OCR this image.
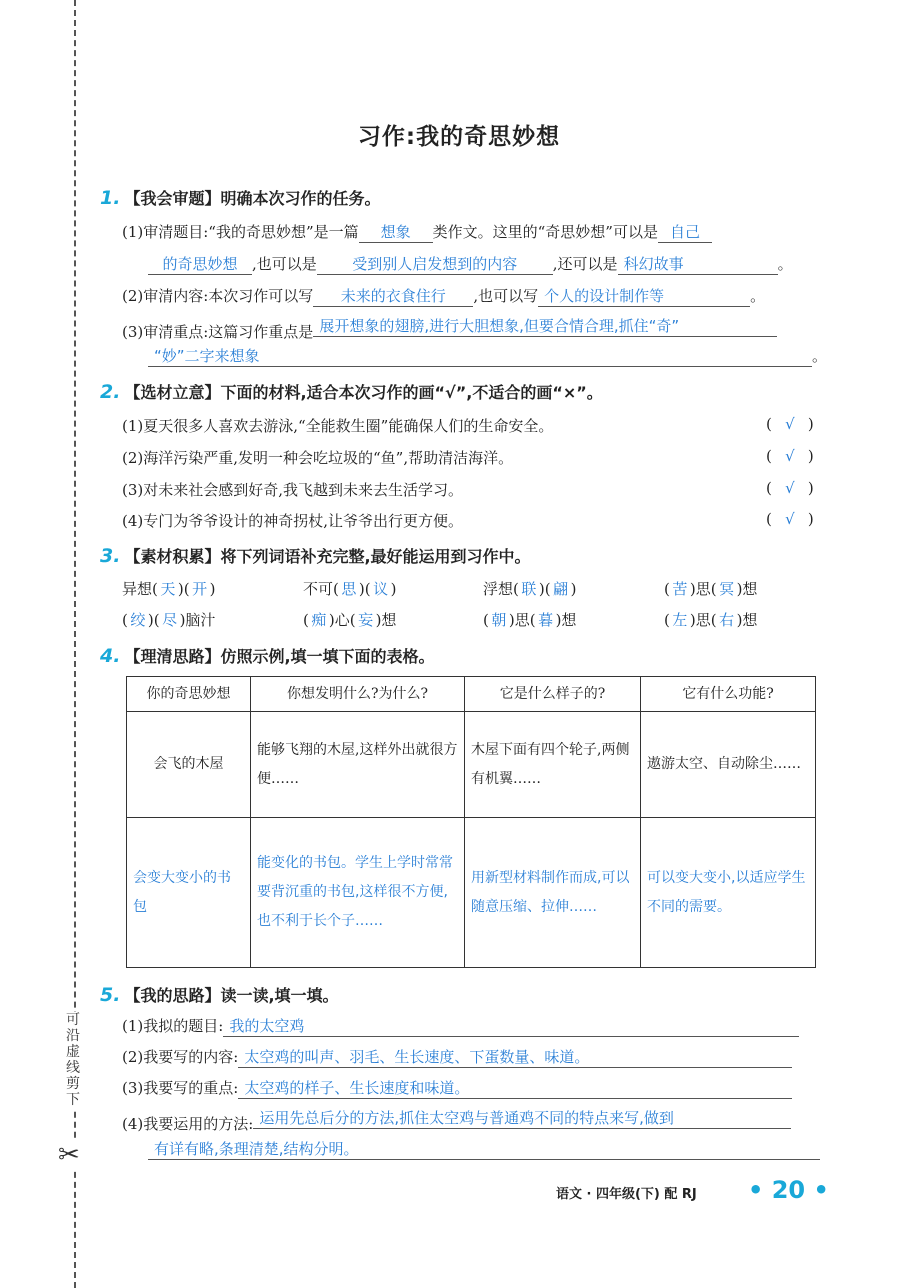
可沿虚线剪下
✂
习作:我的奇思妙想
1. 【我会审题】明确本次习作的任务。
(1)审清题目:“我的奇思妙想”是一篇 想象 类作文。这里的“奇思妙想”可以是 自己
的奇思妙想 ,也可以是 受到别人启发想到的内容 ,还可以是 科幻故事	。
(2)审清内容:本次习作可以写 未来的衣食住行 ,也可以写 个人的设计制作等	。
(3)审清重点:这篇习作重点是 展开想象的翅膀,进行大胆想象,但要合情合理,抓住“奇”
“妙”二字来想象	。
2. 【选材立意】下面的材料,适合本次习作的画“√”,不适合的画“×”。
(1)夏天很多人喜欢去游泳,“全能救生圈”能确保人们的生命安全。	( √ )
(2)海洋污染严重,发明一种会吃垃圾的“鱼”,帮助清洁海洋。	( √ )
(3)对未来社会感到好奇,我飞越到未来去生活学习。	( √ )
(4)专门为爷爷设计的神奇拐杖,让爷爷出行更方便。	( √ )
3. 【素材积累】将下列词语补充完整,最好能运用到习作中。
异想( 天 )( 开 )	不可( 思 )( 议 )	浮想( 联 )( 翩 )	( 苦 )思( 冥 )想
( 绞 )( 尽 )脑汁	( 痴 )心( 妄 )想	( 朝 )思( 暮 )想	( 左 )思( 右 )想
4. 【理清思路】仿照示例,填一填下面的表格。
你的奇思妙想	你想发明什么?为什么?	它是什么样子的?	它有什么功能?
会飞的木屋	能够飞翔的木屋,这样外出就很方便……	木屋下面有四个轮子,两侧有机翼……	遨游太空、自动除尘……
会变大变小的书包	能变化的书包。学生上学时常常要背沉重的书包,这样很不方便,也不利于长个子……	用新型材料制作而成,可以随意压缩、拉伸……	可以变大变小,以适应学生不同的需要。
5. 【我的思路】读一读,填一填。
(1)我拟的题目: 我的太空鸡
(2)我要写的内容: 太空鸡的叫声、羽毛、生长速度、下蛋数量、味道。
(3)我要写的重点: 太空鸡的样子、生长速度和味道。
(4)我要运用的方法: 运用先总后分的方法,抓住太空鸡与普通鸡不同的特点来写,做到
有详有略,条理清楚,结构分明。
语文 · 四年级(下) 配 RJ • 20 •
